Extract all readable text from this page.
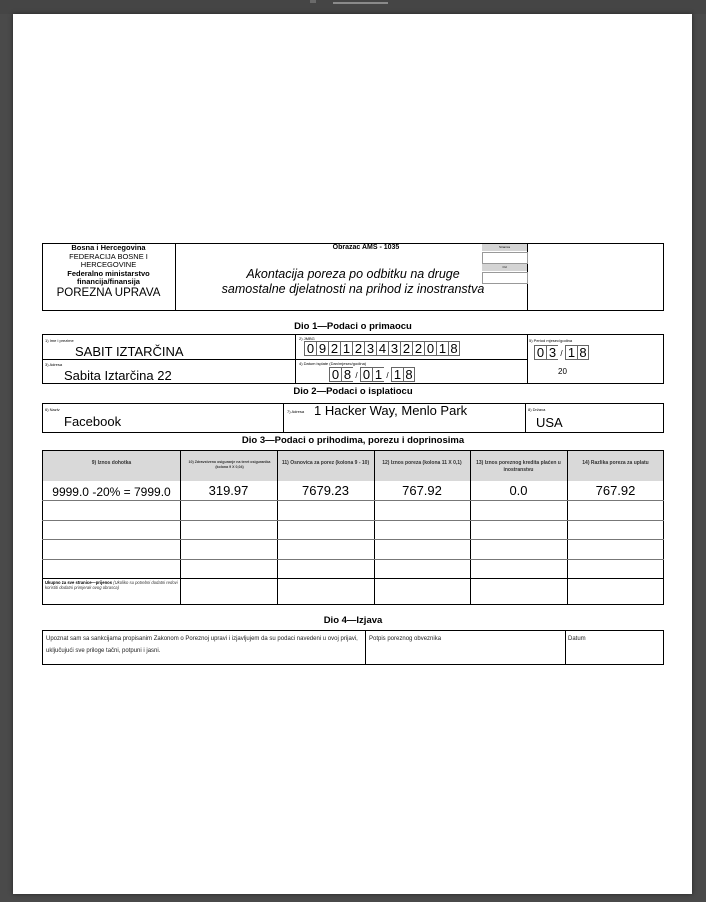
Bosna i Hercegovina
FEDERACIJA BOSNE I
HERCEGOVINE
Federalno ministarstvo
financija/finansija
POREZNA UPRAVA
Obrazac AMS - 1035
Akontacija poreza po odbitku na druge
samostalne djelatnosti na prihod iz inostranstva
Stranica
Od
Dio 1—Podaci o primaocu
1) Ime i prezime
SABIT IZTARČINA
2) JMBG
0 9 2 1 2 3 4 3 2 2 0 1 8
5) Period mjesec/godina
0 3 / 20
1 8
3) Adresa
Sabita Iztarčina 22
4) Datum isplate (Dan/mjesec/godina)
0 8 / 0 1 / 1 8
Dio 2—Podaci o isplatiocu
6) Naziv
Facebook
7) Adresa 1 Hacker Way, Menlo Park	8) Država
USA
Dio 3—Podaci o prihodima, porezu i doprinosima
9) Iznos dohotka	10) Zdravstveno osiguranje na teret osiguranika (kolona 9 X 0,04)
11) Osnovica za porez (kolona 9 - 10)	12) Iznos poreza (kolona 11 X 0,1)	13) Iznos poreznog kredita plaćen u inostranstvu
14) Razlika poreza za uplatu
9999.0 -20% = 7999.0	319.97	7679.23	767.92	0.0	767.92
Ukupno za sve stranice—prijenos (Ukoliko su potrebni dodatni redovi koristiti dodatni primjerak ovog obrasca)
Dio 4—Izjava
Upoznat sam sa sankcijama propisanim Zakonom o Poreznoj upravi i izjavljujem da su podaci navedeni u ovoj prijavi, uključujući sve priloge tačni, potpuni i jasni.
Potpis poreznog obveznika	Datum
